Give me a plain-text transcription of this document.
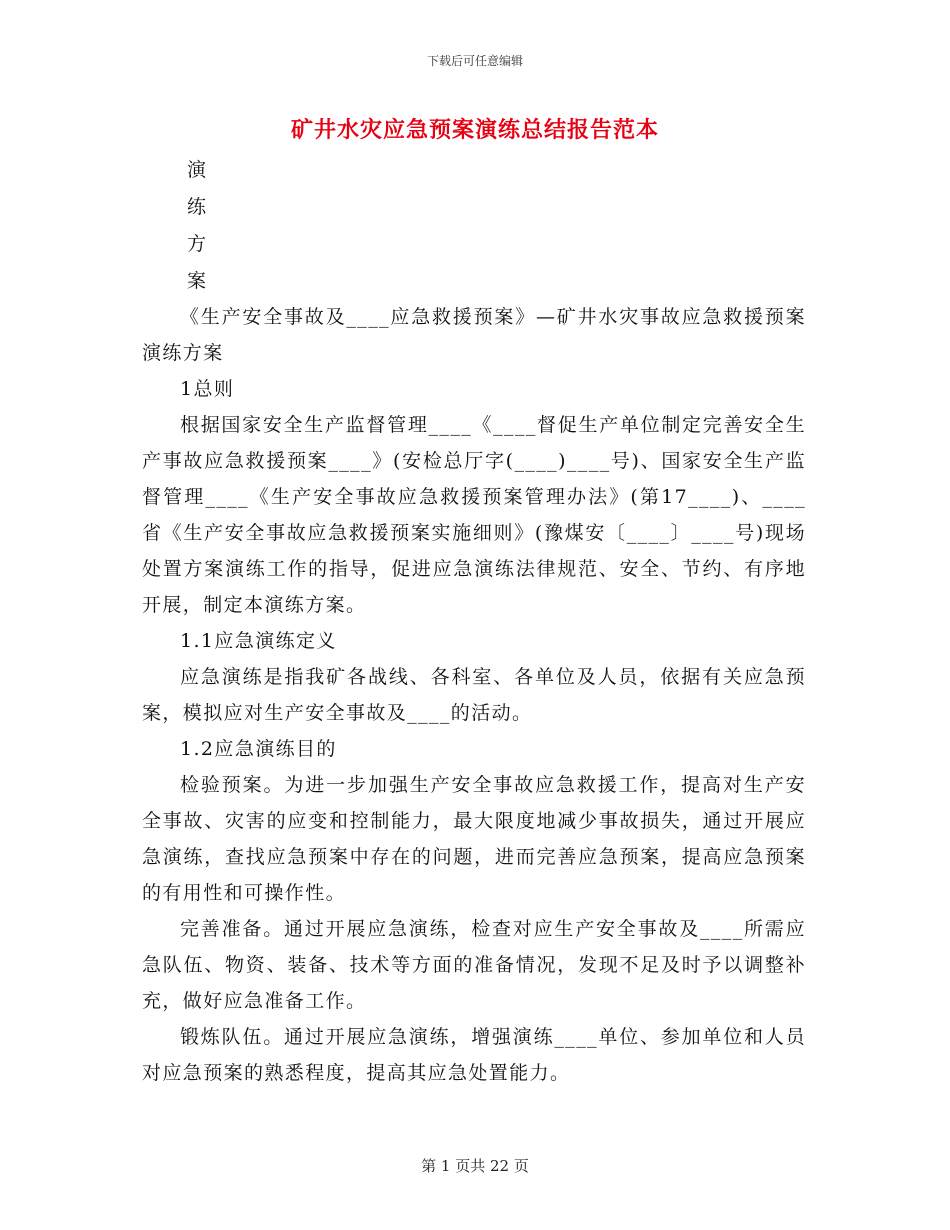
下载后可任意编辑
矿井水灾应急预案演练总结报告范本
演
练
方
案

《生产安全事故及____应急救援预案》—矿井水灾事故应急救援预案演练方案

1总则

根据国家安全生产监督管理____《____督促生产单位制定完善安全生产事故应急救援预案____》(安检总厅字(____)____号)、国家安全生产监督管理____《生产安全事故应急救援预案管理办法》(第17____)、____省《生产安全事故应急救援预案实施细则》(豫煤安〔____〕____号)现场处置方案演练工作的指导，促进应急演练法律规范、安全、节约、有序地开展，制定本演练方案。

1.1应急演练定义

应急演练是指我矿各战线、各科室、各单位及人员，依据有关应急预案，模拟应对生产安全事故及____的活动。

1.2应急演练目的

检验预案。为进一步加强生产安全事故应急救援工作，提高对生产安全事故、灾害的应变和控制能力，最大限度地减少事故损失，通过开展应急演练，查找应急预案中存在的问题，进而完善应急预案，提高应急预案的有用性和可操作性。

完善准备。通过开展应急演练，检查对应生产安全事故及____所需应急队伍、物资、装备、技术等方面的准备情况，发现不足及时予以调整补充，做好应急准备工作。

锻炼队伍。通过开展应急演练，增强演练____单位、参加单位和人员对应急预案的熟悉程度，提高其应急处置能力。

第 1 页共 22 页
